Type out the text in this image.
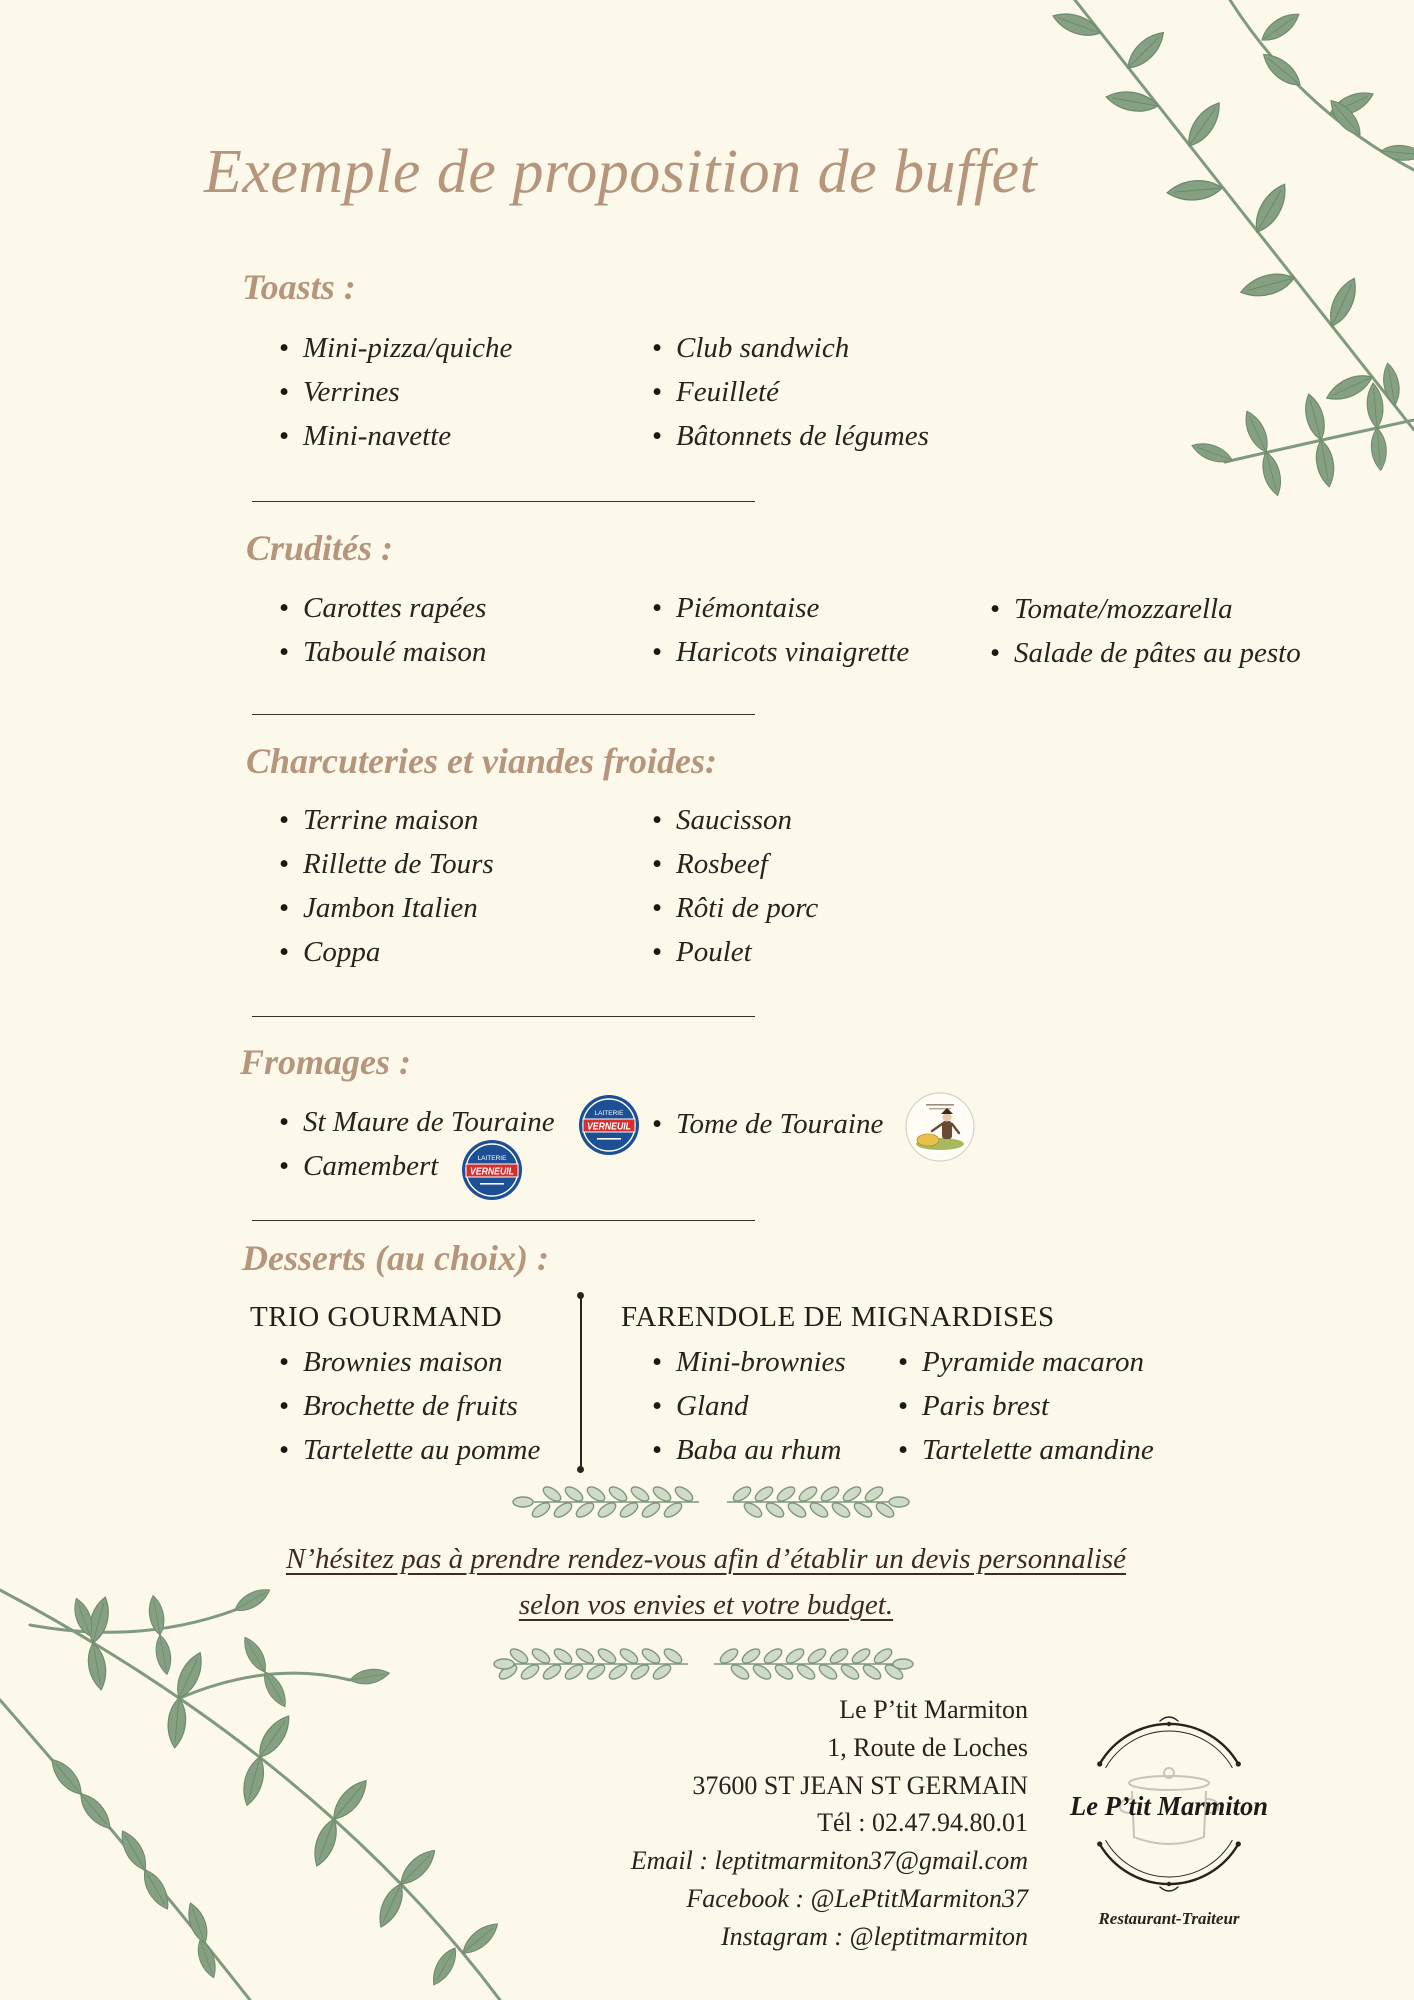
Exemple de proposition de buffet
Toasts :
• Mini-pizza/quiche
• Verrines
• Mini-navette
• Club sandwich
• Feuilleté
• Bâtonnets de légumes
Crudités :
• Carottes rapées
• Taboulé maison
• Piémontaise
• Haricots vinaigrette
• Tomate/mozzarella
• Salade de pâtes au pesto
Charcuteries et viandes froides:
• Terrine maison
• Rillette de Tours
• Jambon Italien
• Coppa
• Saucisson
• Rosbeef
• Rôti de porc
• Poulet
Fromages :
• St Maure de Touraine
• Camembert
• Tome de Touraine
LAITERIE
VERNEUIL
LAITERIE
VERNEUIL
Desserts (au choix) :
TRIO GOURMAND
• Brownies maison
• Brochette de fruits
• Tartelette au pomme
FARENDOLE DE MIGNARDISES
• Mini-brownies
• Gland
• Baba au rhum
• Pyramide macaron
• Paris brest
• Tartelette amandine
N’hésitez pas à prendre rendez-vous afin d’établir un devis personnalisé
selon vos envies et votre budget.
Le P’tit Marmiton
1, Route de Loches
37600 ST JEAN ST GERMAIN
Tél : 02.47.94.80.01
Email : leptitmarmiton37@gmail.com
Facebook : @LePtitMarmiton37
Instagram : @leptitmarmiton
Le P’tit Marmiton
Restaurant-Traiteur
